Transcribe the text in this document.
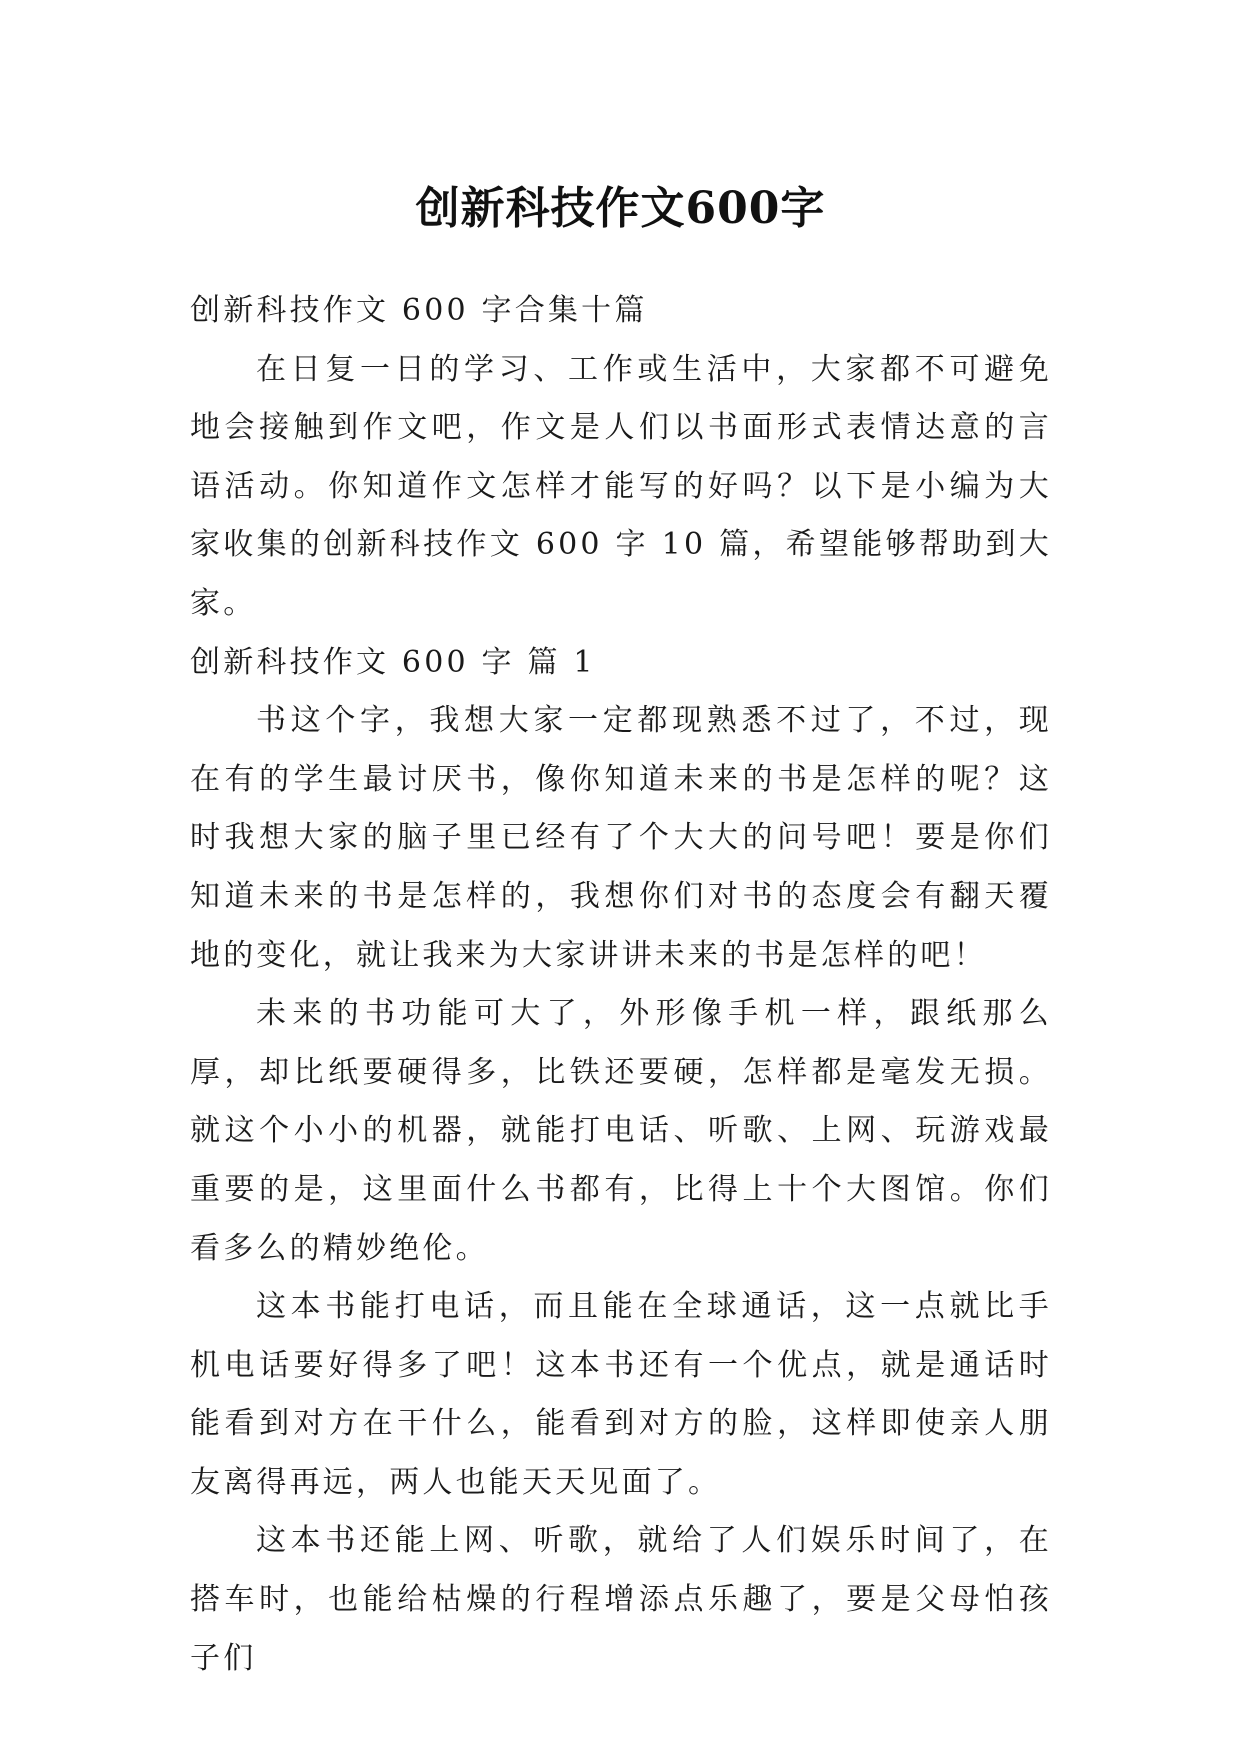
创新科技作文600字

创新科技作文 600 字合集十篇

在日复一日的学习、工作或生活中，大家都不可避免地会接触到作文吧，作文是人们以书面形式表情达意的言语活动。你知道作文怎样才能写的好吗？以下是小编为大家收集的创新科技作文 600 字 10 篇，希望能够帮助到大家。

创新科技作文 600 字 篇 1

书这个字，我想大家一定都现熟悉不过了，不过，现在有的学生最讨厌书，像你知道未来的书是怎样的呢？这时我想大家的脑子里已经有了个大大的问号吧！要是你们知道未来的书是怎样的，我想你们对书的态度会有翻天覆地的变化，就让我来为大家讲讲未来的书是怎样的吧！

未来的书功能可大了，外形像手机一样，跟纸那么厚，却比纸要硬得多，比铁还要硬，怎样都是毫发无损。就这个小小的机器，就能打电话、听歌、上网、玩游戏最重要的是，这里面什么书都有，比得上十个大图馆。你们看多么的精妙绝伦。

这本书能打电话，而且能在全球通话，这一点就比手机电话要好得多了吧！这本书还有一个优点，就是通话时能看到对方在干什么，能看到对方的脸，这样即使亲人朋友离得再远，两人也能天天见面了。

这本书还能上网、听歌，就给了人们娱乐时间了，在搭车时，也能给枯燥的行程增添点乐趣了，要是父母怕孩子们
